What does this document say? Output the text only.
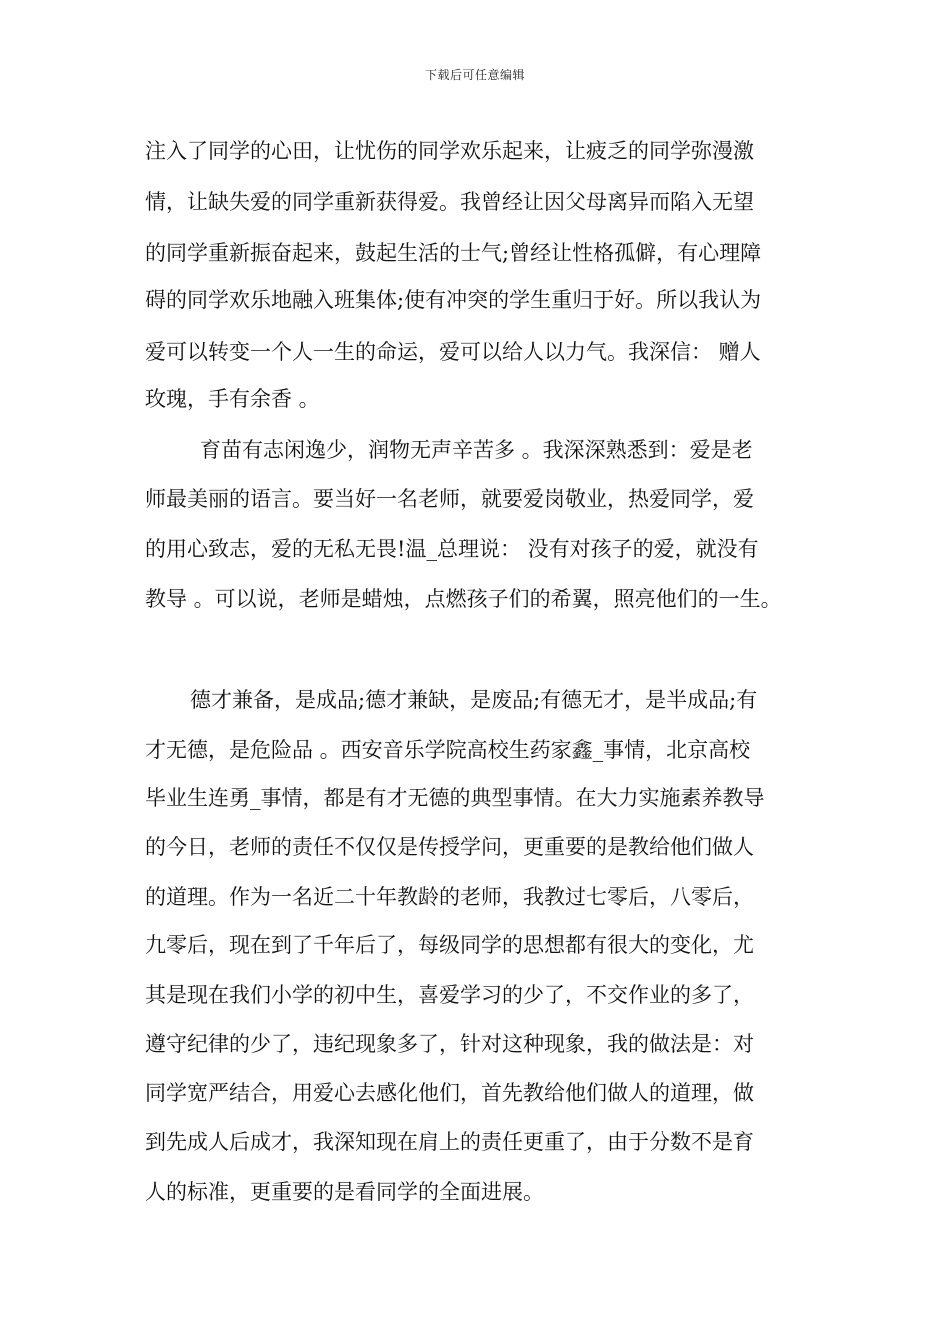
下载后可任意编辑
注入了同学的心田，让忧伤的同学欢乐起来，让疲乏的同学弥漫激
情，让缺失爱的同学重新获得爱。我曾经让因父母离异而陷入无望
的同学重新振奋起来，鼓起生活的士气;曾经让性格孤僻，有心理障
碍的同学欢乐地融入班集体;使有冲突的学生重归于好。所以我认为
爱可以转变一个人一生的命运，爱可以给人以力气。我深信： 赠人
玫瑰，手有余香 。
育苗有志闲逸少，润物无声辛苦多 。我深深熟悉到：爱是老
师最美丽的语言。要当好一名老师，就要爱岗敬业，热爱同学，爱
的用心致志，爱的无私无畏!温_总理说： 没有对孩子的爱，就没有
教导 。可以说，老师是蜡烛，点燃孩子们的希翼，照亮他们的一生。
德才兼备，是成品;德才兼缺，是废品;有德无才，是半成品;有
才无德，是危险品 。西安音乐学院高校生药家鑫_事情，北京高校
毕业生连勇_事情，都是有才无德的典型事情。在大力实施素养教导
的今日，老师的责任不仅仅是传授学问，更重要的是教给他们做人
的道理。作为一名近二十年教龄的老师，我教过七零后，八零后，
九零后，现在到了千年后了，每级同学的思想都有很大的变化，尤
其是现在我们小学的初中生，喜爱学习的少了，不交作业的多了，
遵守纪律的少了，违纪现象多了，针对这种现象，我的做法是：对
同学宽严结合，用爱心去感化他们，首先教给他们做人的道理，做
到先成人后成才，我深知现在肩上的责任更重了，由于分数不是育
人的标准，更重要的是看同学的全面进展。
